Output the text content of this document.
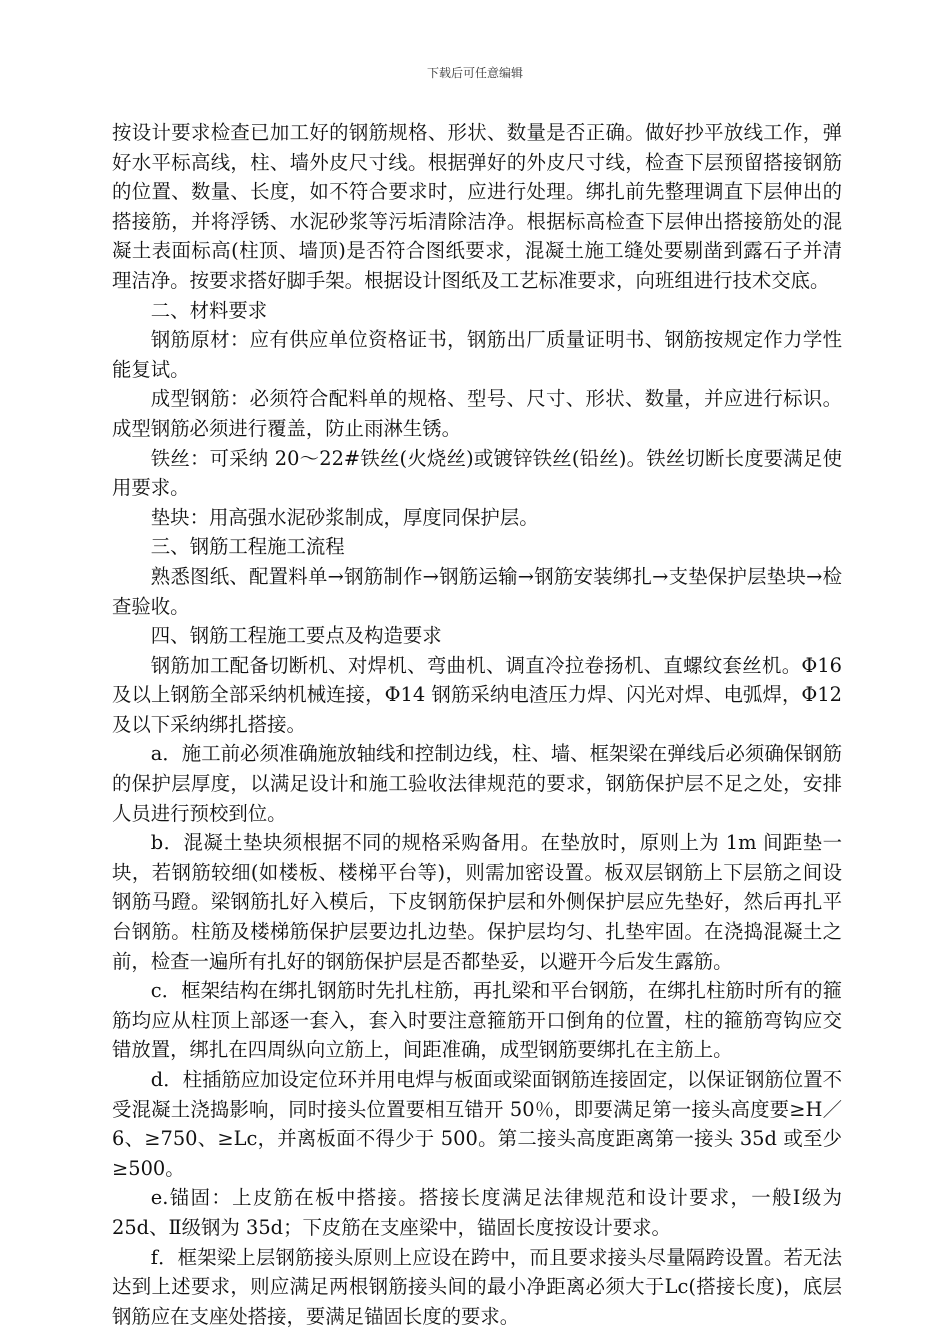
下载后可任意编辑

按设计要求检查已加工好的钢筋规格、形状、数量是否正确。做好抄平放线工作，弹好水平标高线，柱、墙外皮尺寸线。根据弹好的外皮尺寸线，检查下层预留搭接钢筋的位置、数量、长度，如不符合要求时，应进行处理。绑扎前先整理调直下层伸出的搭接筋，并将浮锈、水泥砂浆等污垢清除洁净。根据标高检查下层伸出搭接筋处的混凝土表面标高(柱顶、墙顶)是否符合图纸要求，混凝土施工缝处要剔凿到露石子并清理洁净。按要求搭好脚手架。根据设计图纸及工艺标准要求，向班组进行技术交底。

二、材料要求

钢筋原材：应有供应单位资格证书，钢筋出厂质量证明书、钢筋按规定作力学性能复试。

成型钢筋：必须符合配料单的规格、型号、尺寸、形状、数量，并应进行标识。成型钢筋必须进行覆盖，防止雨淋生锈。

铁丝：可采纳 20～22#铁丝(火烧丝)或镀锌铁丝(铅丝)。铁丝切断长度要满足使用要求。

垫块：用高强水泥砂浆制成，厚度同保护层。

三、钢筋工程施工流程

熟悉图纸、配置料单→钢筋制作→钢筋运输→钢筋安装绑扎→支垫保护层垫块→检查验收。

四、钢筋工程施工要点及构造要求

钢筋加工配备切断机、对焊机、弯曲机、调直冷拉卷扬机、直螺纹套丝机。Φ16 及以上钢筋全部采纳机械连接，Φ14 钢筋采纳电渣压力焊、闪光对焊、电弧焊，Φ12 及以下采纳绑扎搭接。

a．施工前必须准确施放轴线和控制边线，柱、墙、框架梁在弹线后必须确保钢筋的保护层厚度，以满足设计和施工验收法律规范的要求，钢筋保护层不足之处，安排人员进行预校到位。

b．混凝土垫块须根据不同的规格采购备用。在垫放时，原则上为 1m 间距垫一块，若钢筋较细(如楼板、楼梯平台等)，则需加密设置。板双层钢筋上下层筋之间设钢筋马蹬。梁钢筋扎好入模后，下皮钢筋保护层和外侧保护层应先垫好，然后再扎平台钢筋。柱筋及楼梯筋保护层要边扎边垫。保护层均匀、扎垫牢固。在浇捣混凝土之前，检查一遍所有扎好的钢筋保护层是否都垫妥，以避开今后发生露筋。

c．框架结构在绑扎钢筋时先扎柱筋，再扎梁和平台钢筋，在绑扎柱筋时所有的箍筋均应从柱顶上部逐一套入，套入时要注意箍筋开口倒角的位置，柱的箍筋弯钩应交错放置，绑扎在四周纵向立筋上，间距准确，成型钢筋要绑扎在主筋上。

d．柱插筋应加设定位环并用电焊与板面或梁面钢筋连接固定，以保证钢筋位置不受混凝土浇捣影响，同时接头位置要相互错开 50％，即要满足第一接头高度要≥H／6、≥750、≥Lc，并离板面不得少于 500。第二接头高度距离第一接头 35d 或至少≥500。

e.锚固：上皮筋在板中搭接。搭接长度满足法律规范和设计要求，一般Ⅰ级为 25d、Ⅱ级钢为 35d；下皮筋在支座梁中，锚固长度按设计要求。

f．框架梁上层钢筋接头原则上应设在跨中，而且要求接头尽量隔跨设置。若无法达到上述要求，则应满足两根钢筋接头间的最小净距离必须大于Lc(搭接长度)，底层钢筋应在支座处搭接，要满足锚固长度的要求。
